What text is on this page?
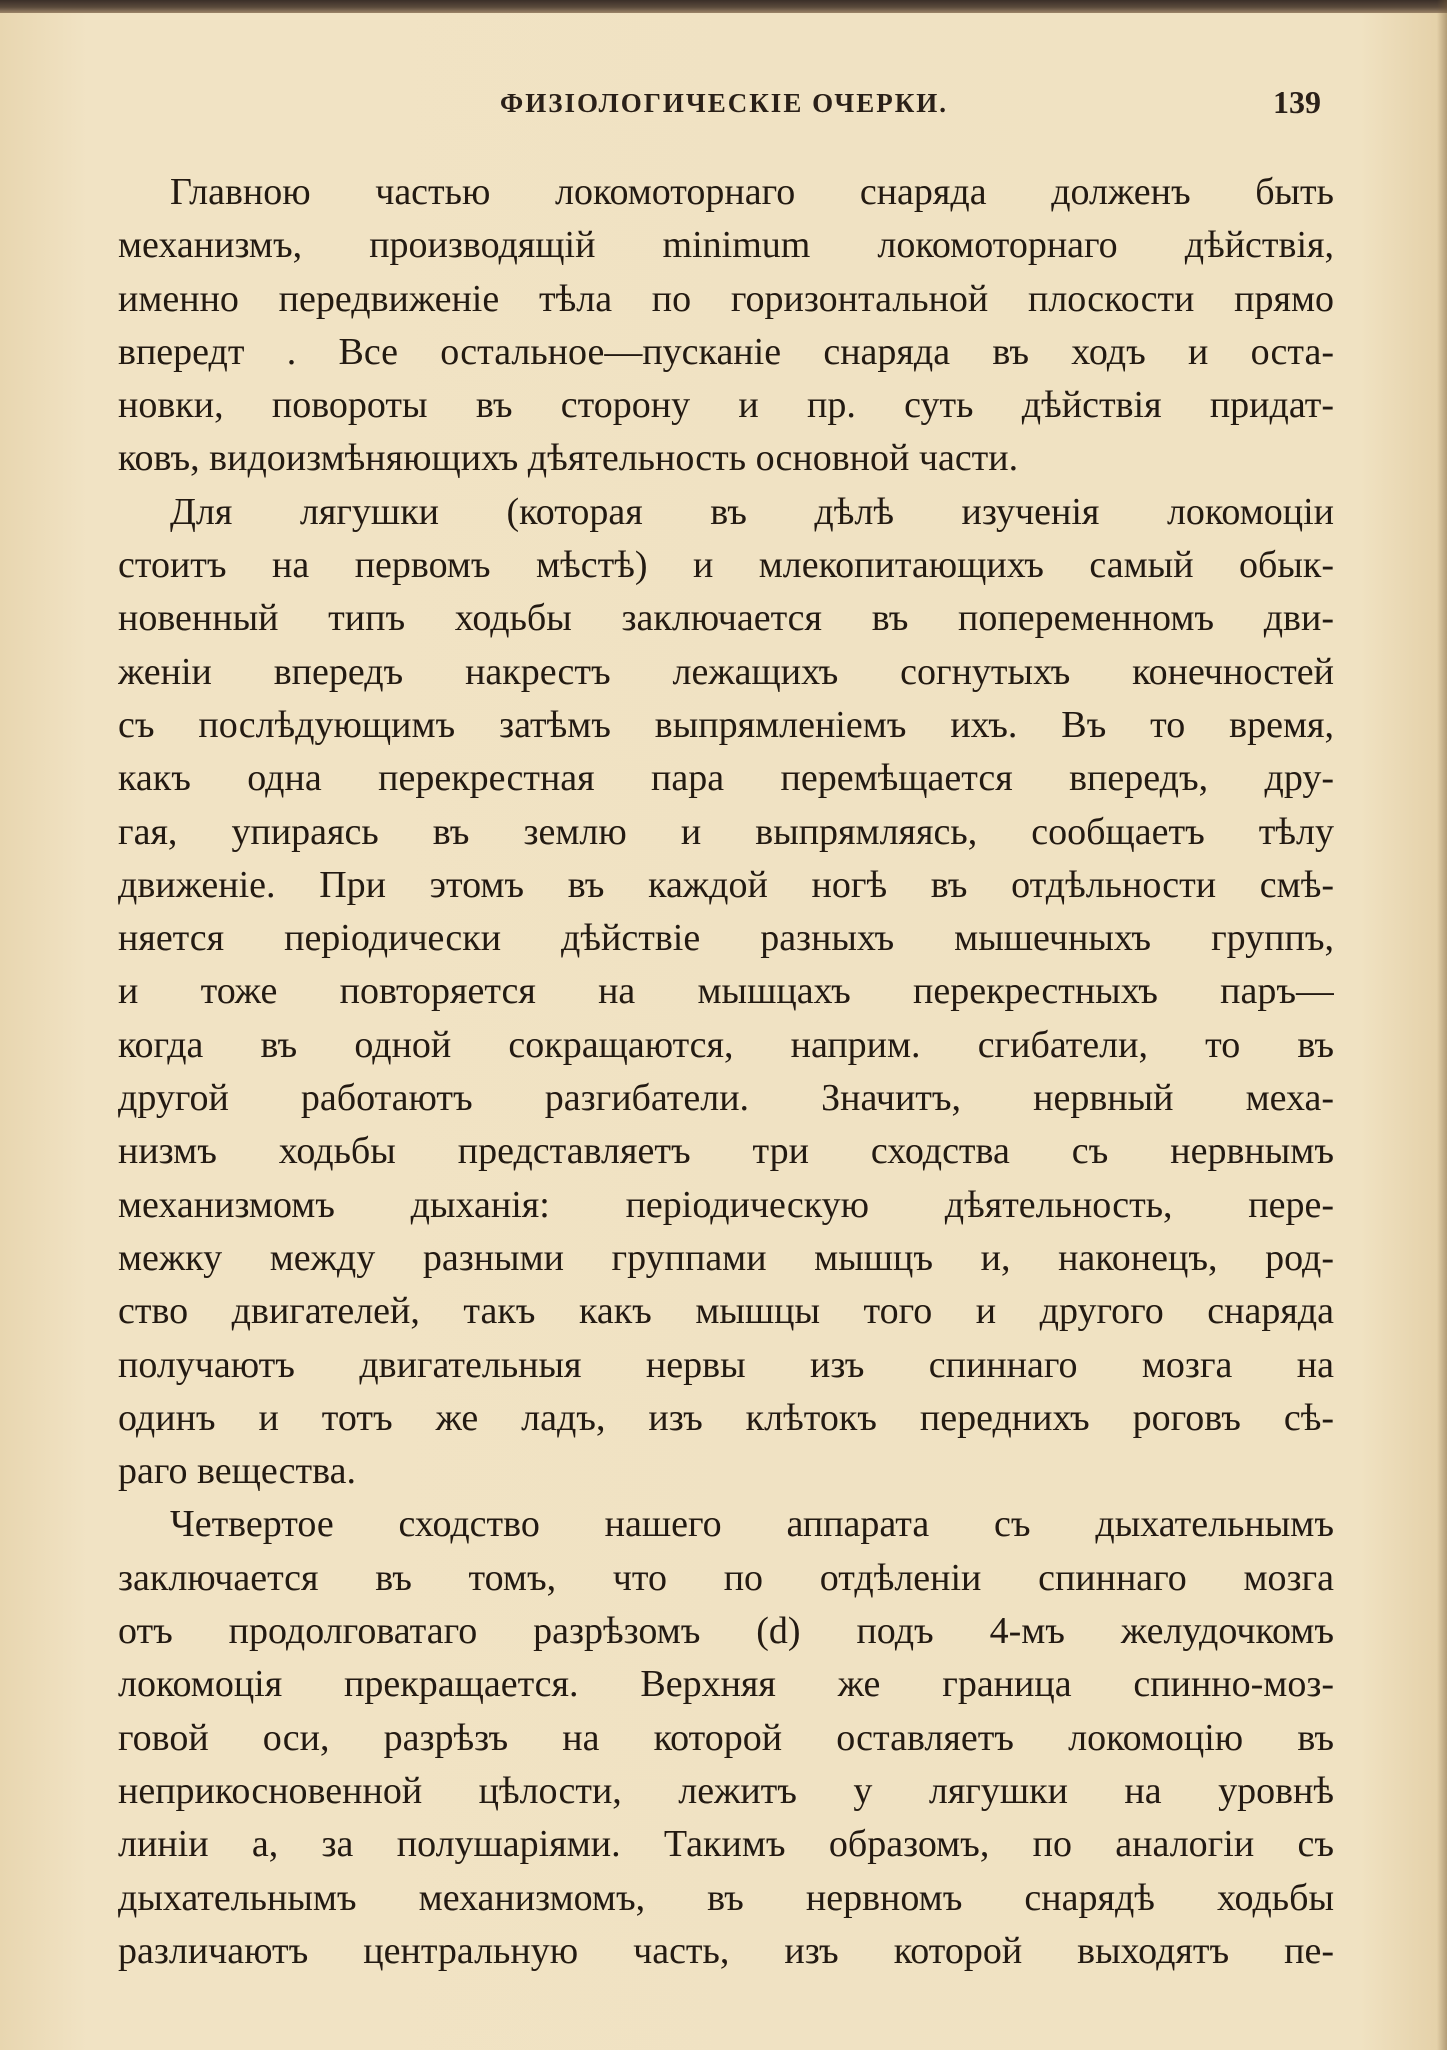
ФИЗІОЛОГИЧЕСКІЕ ОЧЕРКИ.	139
Главною частью локомоторнаго снаряда долженъ быть
механизмъ, производящій minimum локомоторнаго дѣйствія,
именно передвиженіе тѣла по горизонтальной плоскости прямо
впередт . Все остальное—пусканіе снаряда въ ходъ и оста-
новки, повороты въ сторону и пр. суть дѣйствія придат-
ковъ, видоизмѣняющихъ дѣятельность основной части.
Для лягушки (которая въ дѣлѣ изученія локомоціи
стоитъ на первомъ мѣстѣ) и млекопитающихъ самый обык-
новенный типъ ходьбы заключается въ попеременномъ дви-
женіи впередъ накрестъ лежащихъ согнутыхъ конечностей
съ послѣдующимъ затѣмъ выпрямленіемъ ихъ. Въ то время,
какъ одна перекрестная пара перемѣщается впередъ, дру-
гая, упираясь въ землю и выпрямляясь, сообщаетъ тѣлу
движеніе. При этомъ въ каждой ногѣ въ отдѣльности смѣ-
няется періодически дѣйствіе разныхъ мышечныхъ группъ,
и тоже повторяется на мышцахъ перекрестныхъ паръ—
когда въ одной сокращаются, наприм. сгибатели, то въ
другой работаютъ разгибатели. Значитъ, нервный меха-
низмъ ходьбы представляетъ три сходства съ нервнымъ
механизмомъ дыханія: періодическую дѣятельность, пере-
межку между разными группами мышцъ и, наконецъ, род-
ство двигателей, такъ какъ мышцы того и другого снаряда
получаютъ двигательныя нервы изъ спиннаго мозга на
одинъ и тотъ же ладъ, изъ клѣтокъ переднихъ роговъ сѣ-
раго вещества.
Четвертое сходство нашего аппарата съ дыхательнымъ
заключается въ томъ, что по отдѣленіи спиннаго мозга
отъ продолговатаго разрѣзомъ (d) подъ 4-мъ желудочкомъ
локомоція прекращается. Верхняя же граница спинно-моз-
говой оси, разрѣзъ на которой оставляетъ локомоцію въ
неприкосновенной цѣлости, лежитъ у лягушки на уровнѣ
линіи а, за полушаріями. Такимъ образомъ, по аналогіи съ
дыхательнымъ механизмомъ, въ нервномъ снарядѣ ходьбы
различаютъ центральную часть, изъ которой выходятъ пе-
